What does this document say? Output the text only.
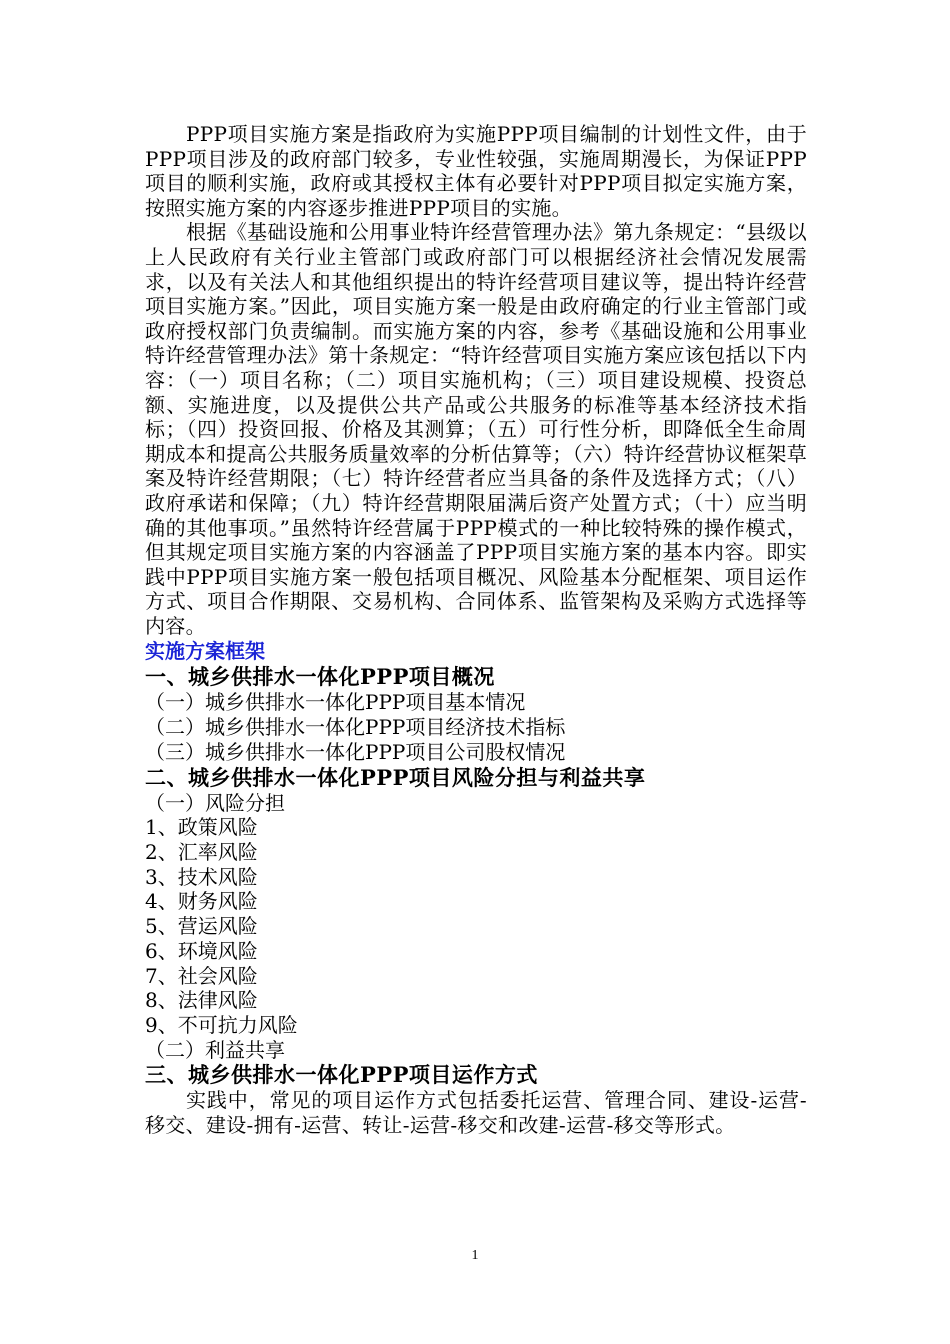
PPP项目实施方案是指政府为实施PPP项目编制的计划性文件，由于PPP项目涉及的政府部门较多，专业性较强，实施周期漫长，为保证PPP项目的顺利实施，政府或其授权主体有必要针对PPP项目拟定实施方案，按照实施方案的内容逐步推进PPP项目的实施。

根据《基础设施和公用事业特许经营管理办法》第九条规定：“县级以上人民政府有关行业主管部门或政府部门可以根据经济社会情况发展需求，以及有关法人和其他组织提出的特许经营项目建议等，提出特许经营项目实施方案。”因此，项目实施方案一般是由政府确定的行业主管部门或政府授权部门负责编制。而实施方案的内容，参考《基础设施和公用事业特许经营管理办法》第十条规定：“特许经营项目实施方案应该包括以下内容：（一）项目名称；（二）项目实施机构；（三）项目建设规模、投资总额、实施进度，以及提供公共产品或公共服务的标准等基本经济技术指标；（四）投资回报、价格及其测算；（五）可行性分析，即降低全生命周期成本和提高公共服务质量效率的分析估算等；（六）特许经营协议框架草案及特许经营期限；（七）特许经营者应当具备的条件及选择方式；（八）政府承诺和保障；（九）特许经营期限届满后资产处置方式；（十）应当明确的其他事项。”虽然特许经营属于PPP模式的一种比较特殊的操作模式，但其规定项目实施方案的内容涵盖了PPP项目实施方案的基本内容。即实践中PPP项目实施方案一般包括项目概况、风险基本分配框架、项目运作方式、项目合作期限、交易机构、合同体系、监管架构及采购方式选择等内容。

实施方案框架

一、城乡供排水一体化PPP项目概况

（一）城乡供排水一体化PPP项目基本情况

（二）城乡供排水一体化PPP项目经济技术指标

（三）城乡供排水一体化PPP项目公司股权情况

二、城乡供排水一体化PPP项目风险分担与利益共享

（一）风险分担

1、政策风险

2、汇率风险

3、技术风险

4、财务风险

5、营运风险

6、环境风险

7、社会风险

8、法律风险

9、不可抗力风险

（二）利益共享

三、城乡供排水一体化PPP项目运作方式

实践中，常见的项目运作方式包括委托运营、管理合同、建设-运营-移交、建设-拥有-运营、转让-运营-移交和改建-运营-移交等形式。

1
